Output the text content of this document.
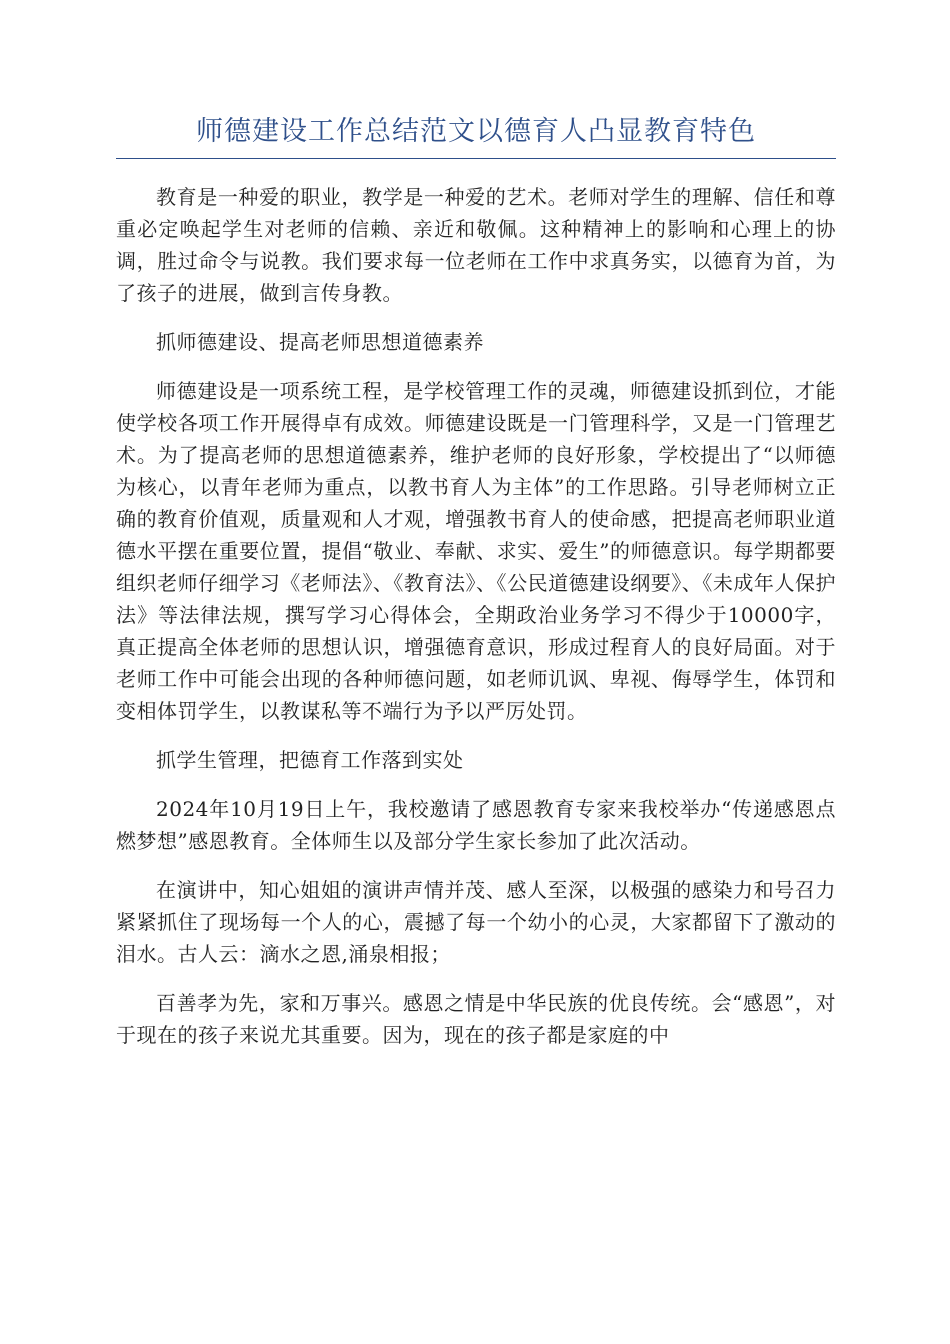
师德建设工作总结范文以德育人凸显教育特色

教育是一种爱的职业，教学是一种爱的艺术。老师对学生的理解、信任和尊重必定唤起学生对老师的信赖、亲近和敬佩。这种精神上的影响和心理上的协调，胜过命令与说教。我们要求每一位老师在工作中求真务实，以德育为首，为了孩子的进展，做到言传身教。

抓师德建设、提高老师思想道德素养

师德建设是一项系统工程，是学校管理工作的灵魂，师德建设抓到位，才能使学校各项工作开展得卓有成效。师德建设既是一门管理科学，又是一门管理艺术。为了提高老师的思想道德素养，维护老师的良好形象，学校提出了“以师德为核心，以青年老师为重点，以教书育人为主体”的工作思路。引导老师树立正确的教育价值观，质量观和人才观，增强教书育人的使命感，把提高老师职业道德水平摆在重要位置，提倡“敬业、奉献、求实、爱生”的师德意识。每学期都要组织老师仔细学习《老师法》、《教育法》、《公民道德建设纲要》、《未成年人保护法》等法律法规，撰写学习心得体会，全期政治业务学习不得少于10000字，真正提高全体老师的思想认识，增强德育意识，形成过程育人的良好局面。对于老师工作中可能会出现的各种师德问题，如老师讥讽、卑视、侮辱学生，体罚和变相体罚学生，以教谋私等不端行为予以严厉处罚。

抓学生管理，把德育工作落到实处

2024年10月19日上午，我校邀请了感恩教育专家来我校举办“传递感恩点燃梦想”感恩教育。全体师生以及部分学生家长参加了此次活动。

在演讲中，知心姐姐的演讲声情并茂、感人至深，以极强的感染力和号召力紧紧抓住了现场每一个人的心，震撼了每一个幼小的心灵，大家都留下了激动的泪水。古人云：滴水之恩,涌泉相报；

百善孝为先，家和万事兴。感恩之情是中华民族的优良传统。会“感恩”，对于现在的孩子来说尤其重要。因为，现在的孩子都是家庭的中
